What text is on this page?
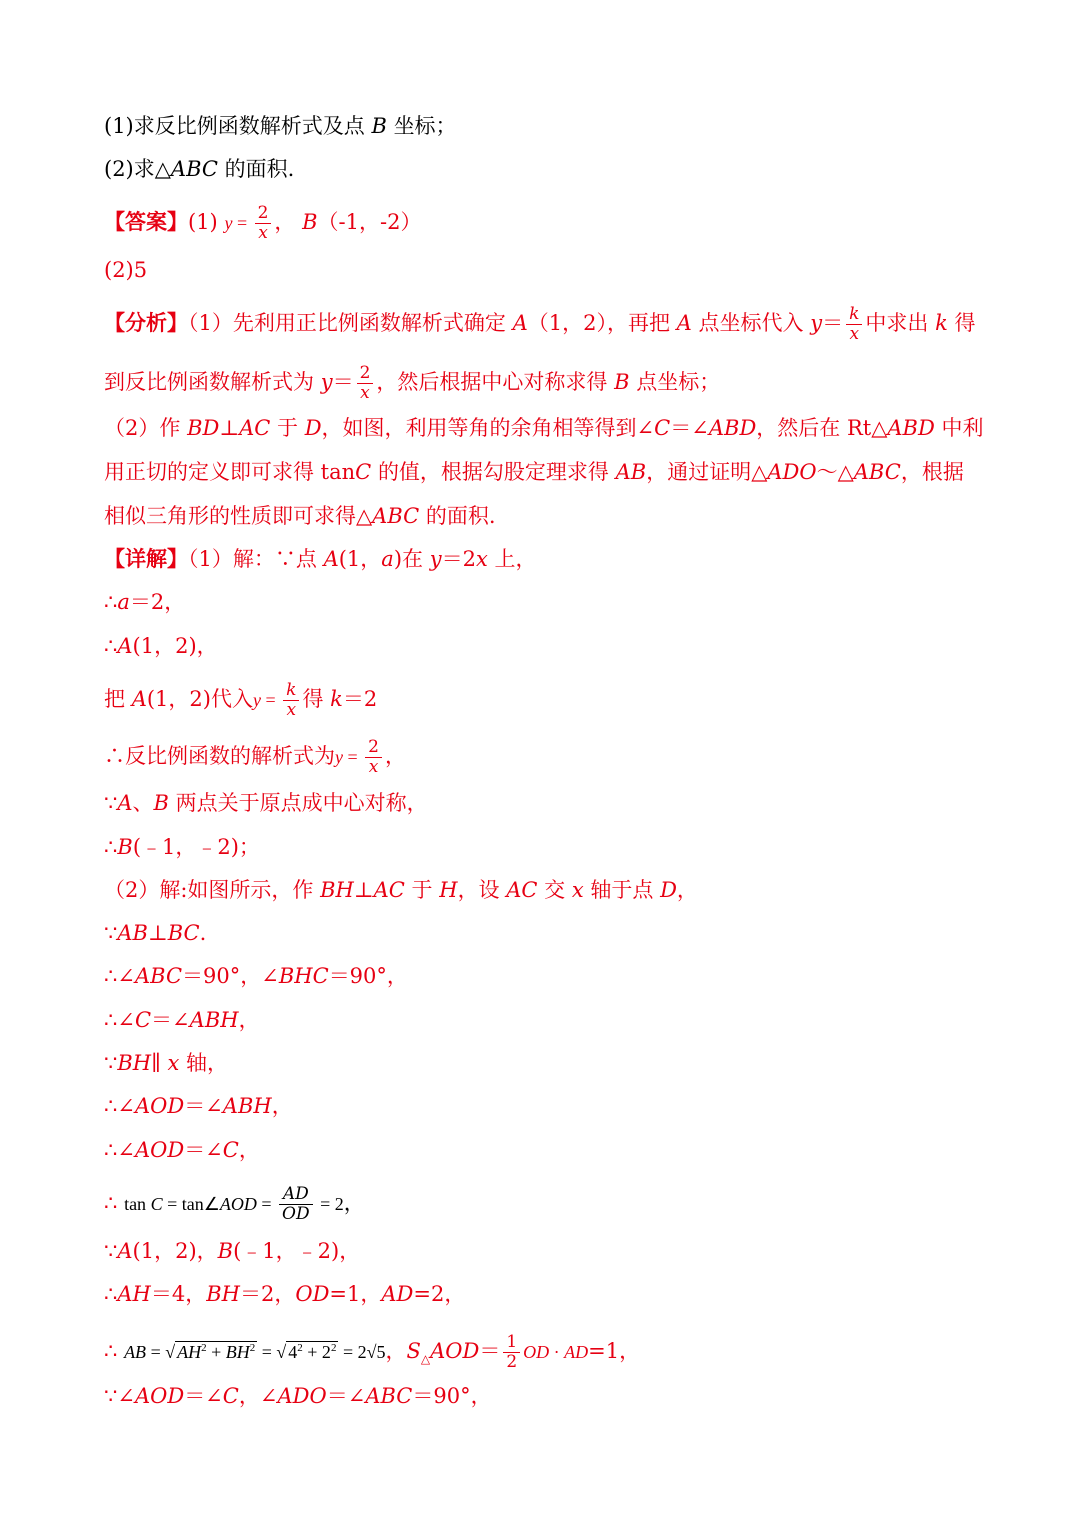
(1)求反比例函数解析式及点 B 坐标；
(2)求△ABC 的面积.
【答案】(1) $y = \frac{2}{x}$ ， B（-1，-2）
(2)5
【分析】（1）先利用正比例函数解析式确定 A（1，2），再把 A 点坐标代入 $y= \frac{k}{x}$ 中求出 k 得
到反比例函数解析式为 $y= \frac{2}{x}$ ，然后根据中心对称求得 B 点坐标；
（2）作 BD⊥AC 于 D，如图，利用等角的余角相等得到∠C＝∠ABD，然后在 Rt△ABD 中利
用正切的定义即可求得 tanC 的值，根据勾股定理求得 AB，通过证明△ADO～△ABC，根据
相似三角形的性质即可求得△ABC 的面积.
【详解】（1）解：∵点 A(1，a)在 y＝2x 上，
∴a＝2，
∴A(1，2)，
把 A(1，2)代入$y = \frac{k}{x}$ 得 k＝2
∴反比例函数的解析式为$y = \frac{2}{x}$ ，
∵A、B 两点关于原点成中心对称，
∴B(﹣1，﹣2)；
（2）解:如图所示，作 BH⊥AC 于 H，设 AC 交 x 轴于点 D，
∵AB⊥BC.
∴∠ABC＝90°，∠BHC＝90°，
∴∠C＝∠ABH，
∵BH∥ x 轴，
∴∠AOD＝∠ABH，
∴∠AOD＝∠C，
∴ tan C = tan∠AOD = $\frac{AD}{OD} = 2$，
∵A(1，2)，B(﹣1，﹣2)，
∴AH＝4，BH＝2，OD=1，AD=2，
∴ AB = √ $AH^2 + BH^2$ = √ $4^2 + 2^2 = 2√5$，$S_\triangle AOD= \frac{1}{2}$ OD · AD=1，
∵∠AOD＝∠C，∠ADO＝∠ABC＝90°，
